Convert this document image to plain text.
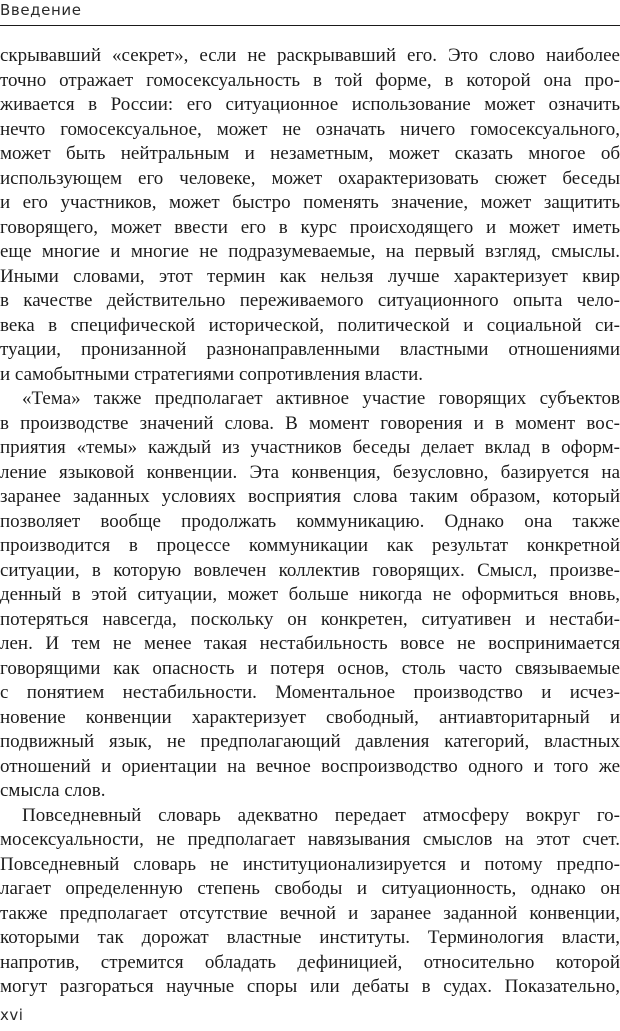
Введение
скрывавший «секрет», если не раскрывавший его. Это слово наиболее
точно отражает гомосексуальность в той форме, в которой она про-
живается в России: его ситуационное использование может означить
нечто гомосексуальное, может не означать ничего гомосексуального,
может быть нейтральным и незаметным, может сказать многое об
использующем его человеке, может охарактеризовать сюжет беседы
и его участников, может быстро поменять значение, может защитить
говорящего, может ввести его в курс происходящего и может иметь
еще многие и многие не подразумеваемые, на первый взгляд, смыслы.
Иными словами, этот термин как нельзя лучше характеризует квир
в качестве действительно переживаемого ситуационного опыта чело-
века в специфической исторической, политической и социальной си-
туации, пронизанной разнонаправленными властными отношениями
и самобытными стратегиями сопротивления власти.
«Тема» также предполагает активное участие говорящих субъектов
в производстве значений слова. В момент говорения и в момент вос-
приятия «темы» каждый из участников беседы делает вклад в оформ-
ление языковой конвенции. Эта конвенция, безусловно, базируется на
заранее заданных условиях восприятия слова таким образом, который
позволяет вообще продолжать коммуникацию. Однако она также
производится в процессе коммуникации как результат конкретной
ситуации, в которую вовлечен коллектив говорящих. Смысл, произве-
денный в этой ситуации, может больше никогда не оформиться вновь,
потеряться навсегда, поскольку он конкретен, ситуативен и нестаби-
лен. И тем не менее такая нестабильность вовсе не воспринимается
говорящими как опасность и потеря основ, столь часто связываемые
с понятием нестабильности. Моментальное производство и исчез-
новение конвенции характеризует свободный, антиавторитарный и
подвижный язык, не предполагающий давления категорий, властных
отношений и ориентации на вечное воспроизводство одного и того же
смысла слов.
Повседневный словарь адекватно передает атмосферу вокруг го-
мосексуальности, не предполагает навязывания смыслов на этот счет.
Повседневный словарь не институционализируется и потому предпо-
лагает определенную степень свободы и ситуационность, однако он
также предполагает отсутствие вечной и заранее заданной конвенции,
которыми так дорожат властные институты. Терминология власти,
напротив, стремится обладать дефиницией, относительно которой
могут разгораться научные споры или дебаты в судах. Показательно,
xvi
